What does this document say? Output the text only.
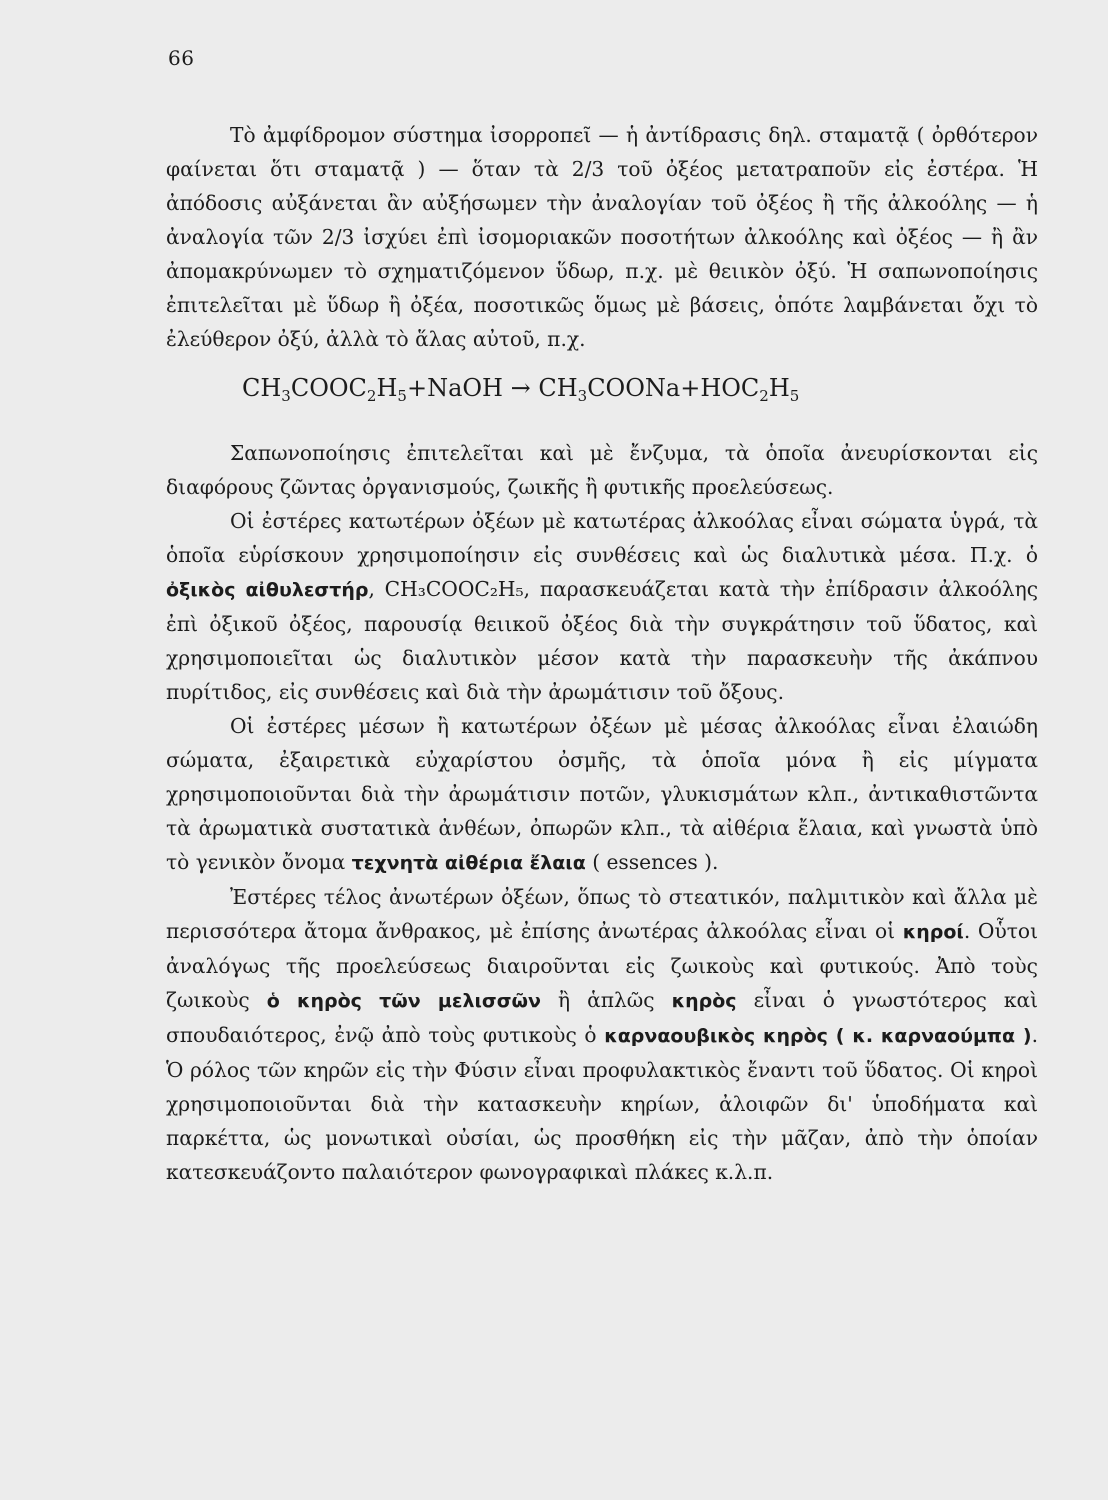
66

Τὸ ἀμφίδρομον σύστημα ἰσορροπεῖ — ἡ ἀντίδρασις δηλ. σταματᾷ ( ὀρθότερον φαίνεται ὅτι σταματᾷ ) — ὅταν τὰ 2/3 τοῦ ὀξέος μετατραποῦν εἰς ἐστέρα. Ἡ ἀπόδοσις αὐξάνεται ἂν αὐξήσωμεν τὴν ἀναλογίαν τοῦ ὀξέος ἢ τῆς ἀλκοόλης — ἡ ἀναλογία τῶν 2/3 ἰσχύει ἐπὶ ἰσομοριακῶν ποσοτήτων ἀλκοόλης καὶ ὀξέος — ἢ ἂν ἀπομακρύνωμεν τὸ σχηματιζόμενον ὕδωρ, π.χ. μὲ θειικὸν ὀξύ. Ἡ σαπωνοποίησις ἐπιτελεῖται μὲ ὕδωρ ἢ ὀξέα, ποσοτικῶς ὅμως μὲ βάσεις, ὁπότε λαμβάνεται ὄχι τὸ ἐλεύθερον ὀξύ, ἀλλὰ τὸ ἅλας αὐτοῦ, π.χ.

$CH_3COOC_2H_5+NaOH$ → $CH_3COONa+HOC_2H_5$

Σαπωνοποίησις ἐπιτελεῖται καὶ μὲ ἔνζυμα, τὰ ὁποῖα ἀνευρίσκονται εἰς διαφόρους ζῶντας ὀργανισμούς, ζωικῆς ἢ φυτικῆς προελεύσεως.

Οἱ ἐστέρες κατωτέρων ὀξέων μὲ κατωτέρας ἀλκοόλας εἶναι σώματα ὑγρά, τὰ ὁποῖα εὑρίσκουν χρησιμοποίησιν εἰς συνθέσεις καὶ ὡς διαλυτικὰ μέσα. Π.χ. ὁ ὀξικὸς αἰθυλεστήρ, CH₃COOC₂H₅, παρασκευάζεται κατὰ τὴν ἐπίδρασιν ἀλκοόλης ἐπὶ ὀξικοῦ ὀξέος, παρουσίᾳ θειικοῦ ὀξέος διὰ τὴν συγκράτησιν τοῦ ὕδατος, καὶ χρησιμοποιεῖται ὡς διαλυτικὸν μέσον κατὰ τὴν παρασκευὴν τῆς ἀκάπνου πυρίτιδος, εἰς συνθέσεις καὶ διὰ τὴν ἀρωμάτισιν τοῦ ὄξους.

Οἱ ἐστέρες μέσων ἢ κατωτέρων ὀξέων μὲ μέσας ἀλκοόλας εἶναι ἐλαιώδη σώματα, ἐξαιρετικὰ εὐχαρίστου ὀσμῆς, τὰ ὁποῖα μόνα ἢ εἰς μίγματα χρησιμοποιοῦνται διὰ τὴν ἀρωμάτισιν ποτῶν, γλυκισμάτων κλπ., ἀντικαθιστῶντα τὰ ἀρωματικὰ συστατικὰ ἀνθέων, ὀπωρῶν κλπ., τὰ αἰθέρια ἔλαια, καὶ γνωστὰ ὑπὸ τὸ γενικὸν ὄνομα τεχνητὰ αἰθέρια ἔλαια ( essences ).

Ἐστέρες τέλος ἀνωτέρων ὀξέων, ὅπως τὸ στεατικόν, παλμιτικὸν καὶ ἄλλα μὲ περισσότερα ἄτομα ἄνθρακος, μὲ ἐπίσης ἀνωτέρας ἀλκοόλας εἶναι οἱ κηροί. Οὗτοι ἀναλόγως τῆς προελεύσεως διαιροῦνται εἰς ζωικοὺς καὶ φυτικούς. Ἀπὸ τοὺς ζωικοὺς ὁ κηρὸς τῶν μελισσῶν ἢ ἁπλῶς κηρὸς εἶναι ὁ γνωστότερος καὶ σπουδαιότερος, ἐνῷ ἀπὸ τοὺς φυτικοὺς ὁ καρναουβικὸς κηρὸς ( κ. καρναούμπα ). Ὁ ρόλος τῶν κηρῶν εἰς τὴν Φύσιν εἶναι προφυλακτικὸς ἔναντι τοῦ ὕδατος. Οἱ κηροὶ χρησιμοποιοῦνται διὰ τὴν κατασκευὴν κηρίων, ἀλοιφῶν δι' ὑποδήματα καὶ παρκέττα, ὡς μονωτικαὶ οὐσίαι, ὡς προσθήκη εἰς τὴν μᾶζαν, ἀπὸ τὴν ὁποίαν κατεσκευάζοντο παλαιότερον φωνογραφικαὶ πλάκες κ.λ.π.
